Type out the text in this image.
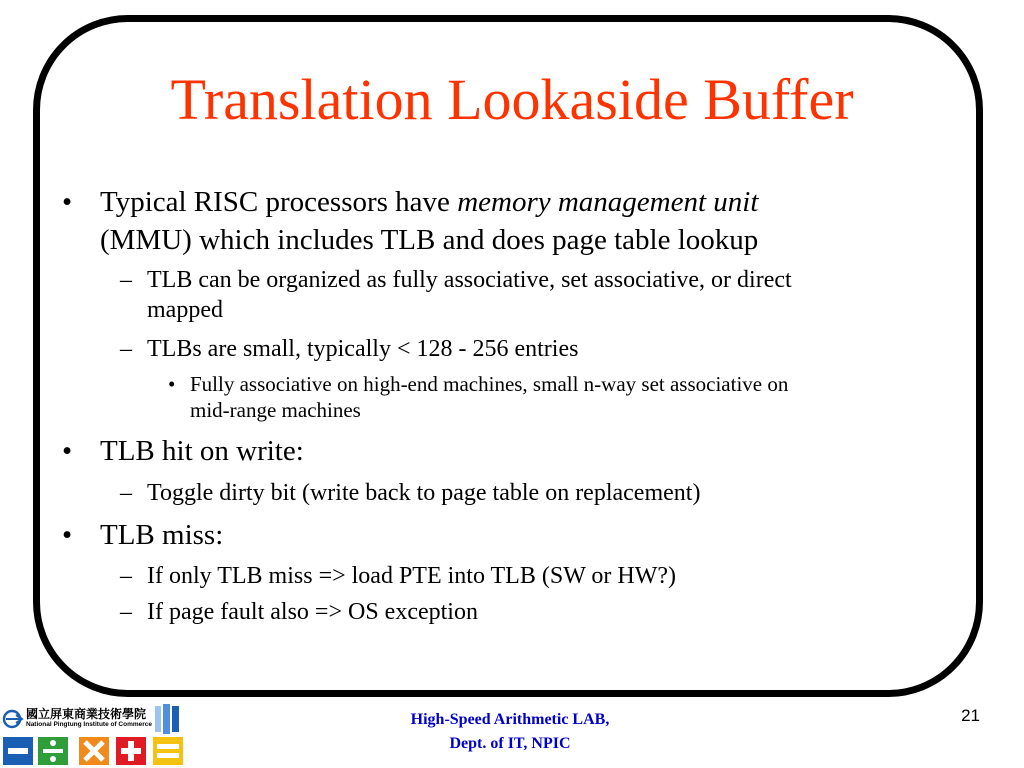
Translation Lookaside Buffer
• Typical RISC processors have memory management unit
(MMU) which includes TLB and does page table lookup
– TLB can be organized as fully associative, set associative, or direct
mapped
– TLBs are small, typically < 128 - 256 entries
• Fully associative on high-end machines, small n-way set associative on
mid-range machines
• TLB hit on write:
– Toggle dirty bit (write back to page table on replacement)
• TLB miss:
– If only TLB miss => load PTE into TLB (SW or HW?)
– If page fault also => OS exception
國立屏東商業技術學院
National Pingtung Institute of Commerce	High-Speed Arithmetic LAB,
Dept. of IT, NPIC
21
